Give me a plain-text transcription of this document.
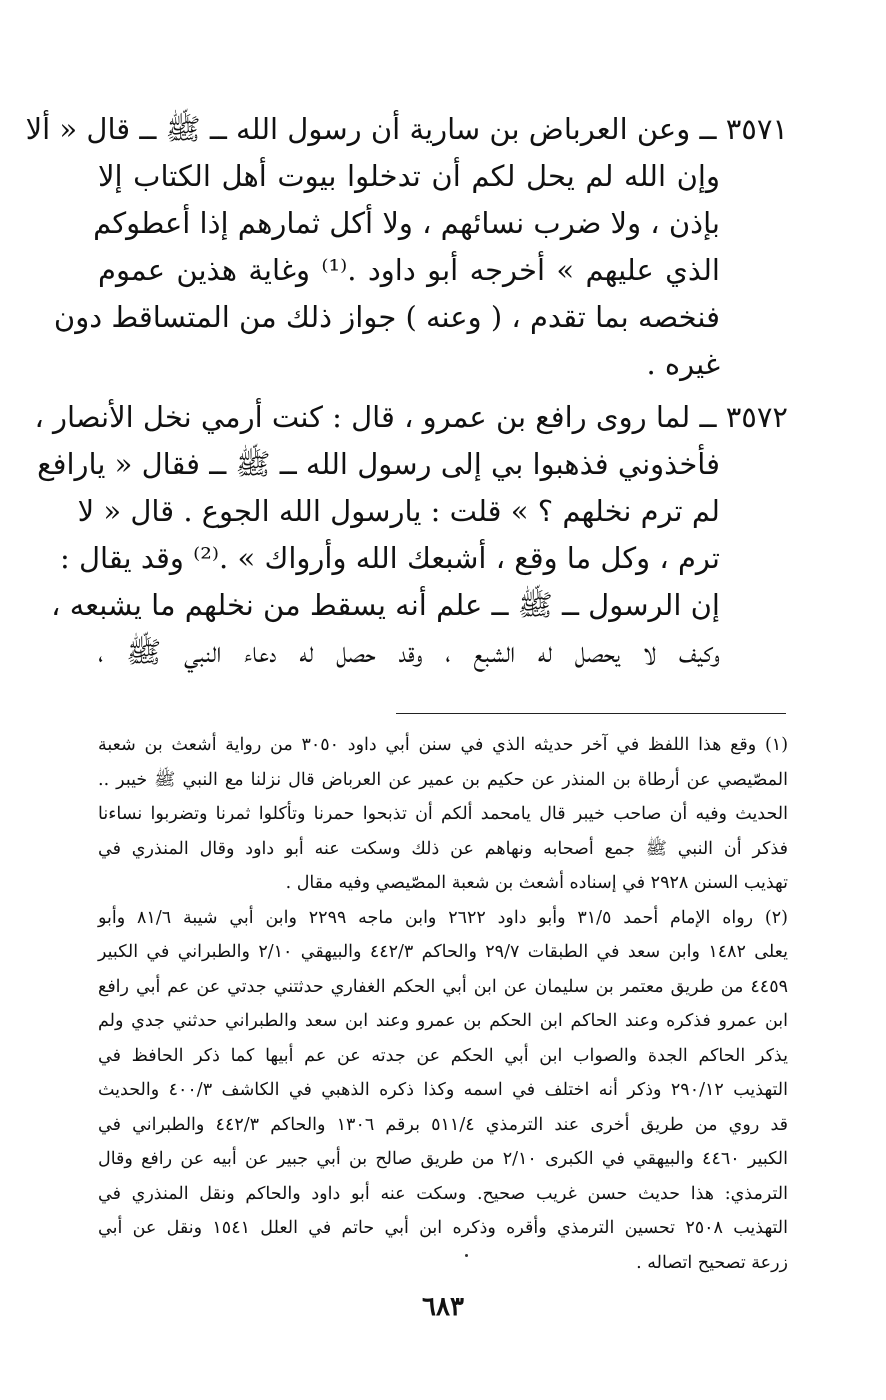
٣٥٧١ ــ وعن العرباض بن سارية أن رسول الله ــ ﷺ ــ قال « ألا
وإن الله لم يحل لكم أن تدخلوا بيوت أهل الكتاب إلا
بإذن ، ولا ضرب نسائهم ، ولا أكل ثمارهم إذا أعطوكم
الذي عليهم » أخرجه أبو داود .⁽¹⁾ وغاية هذين عموم
فنخصه بما تقدم ، ( وعنه ) جواز ذلك من المتساقط دون
غيره .
٣٥٧٢ ــ لما روى رافع بن عمرو ، قال : كنت أرمي نخل الأنصار ،
فأخذوني فذهبوا بي إلى رسول الله ــ ﷺ ــ فقال « يارافع
لم ترم نخلهم ؟ » قلت : يارسول الله الجوع . قال « لا
ترم ، وكل ما وقع ، أشبعك الله وأرواك » .⁽²⁾ وقد يقال :
إن الرسول ــ ﷺ ــ علم أنه يسقط من نخلهم ما يشبعه ،
وكيف لا يحصل له الشبع ، وقد حصل له دعاء النبي ﷺ ،
(١) وقع هذا اللفظ في آخر حديثه الذي في سنن أبي داود ٣٠٥٠ من رواية أشعث بن شعبة
المصّيصي عن أرطاة بن المنذر عن حكيم بن عمير عن العرباض قال نزلنا مع النبي ﷺ خيبر ..
الحديث وفيه أن صاحب خيبر قال يامحمد ألكم أن تذبحوا حمرنا وتأكلوا ثمرنا وتضربوا نساءنا
فذكر أن النبي ﷺ جمع أصحابه ونهاهم عن ذلك وسكت عنه أبو داود وقال المنذري في
تهذيب السنن ٢٩٢٨ في إسناده أشعث بن شعبة المصّيصي وفيه مقال .
(٢) رواه الإمام أحمد ٣١/٥ وأبو داود ٢٦٢٢ وابن ماجه ٢٢٩٩ وابن أبي شيبة ٨١/٦ وأبو
يعلى ١٤٨٢ وابن سعد في الطبقات ٢٩/٧ والحاكم ٤٤٢/٣ والبيهقي ٢/١٠ والطبراني في الكبير
٤٤٥٩ من طريق معتمر بن سليمان عن ابن أبي الحكم الغفاري حدثتني جدتي عن عم أبي رافع
ابن عمرو فذكره وعند الحاكم ابن الحكم بن عمرو وعند ابن سعد والطبراني حدثني جدي ولم
يذكر الحاكم الجدة والصواب ابن أبي الحكم عن جدته عن عم أبيها كما ذكر الحافظ في
التهذيب ٢٩٠/١٢ وذكر أنه اختلف في اسمه وكذا ذكره الذهبي في الكاشف ٤٠٠/٣ والحديث
قد روي من طريق أخرى عند الترمذي ٥١١/٤ برقم ١٣٠٦ والحاكم ٤٤٢/٣ والطبراني في
الكبير ٤٤٦٠ والبيهقي في الكبرى ٢/١٠ من طريق صالح بن أبي جبير عن أبيه عن رافع وقال
الترمذي: هذا حديث حسن غريب صحيح. وسكت عنه أبو داود والحاكم ونقل المنذري في
التهذيب ٢٥٠٨ تحسين الترمذي وأقره وذكره ابن أبي حاتم في العلل ١٥٤١ ونقل عن أبي
زرعة تصحيح اتصاله .
٦٨٣
